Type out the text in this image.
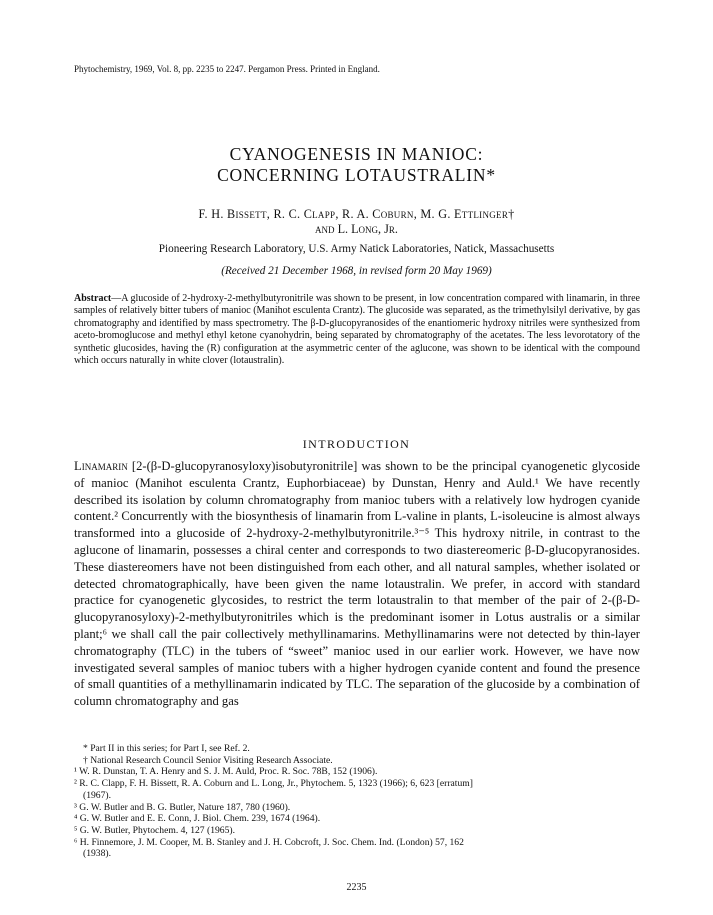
Phytochemistry, 1969, Vol. 8, pp. 2235 to 2247. Pergamon Press. Printed in England.
CYANOGENESIS IN MANIOC:
CONCERNING LOTAUSTRALIN*
F. H. Bissett, R. C. Clapp, R. A. Coburn, M. G. Ettlinger†
and L. Long, Jr.
Pioneering Research Laboratory, U.S. Army Natick Laboratories, Natick, Massachusetts
(Received 21 December 1968, in revised form 20 May 1969)
Abstract—A glucoside of 2-hydroxy-2-methylbutyronitrile was shown to be present, in low concentration compared with linamarin, in three samples of relatively bitter tubers of manioc (Manihot esculenta Crantz). The glucoside was separated, as the trimethylsilyl derivative, by gas chromatography and identified by mass spectrometry. The β-D-glucopyranosides of the enantiomeric hydroxy nitriles were synthesized from aceto-bromoglucose and methyl ethyl ketone cyanohydrin, being separated by chromatography of the acetates. The less levorotatory of the synthetic glucosides, having the (R) configuration at the asymmetric center of the aglucone, was shown to be identical with the compound which occurs naturally in white clover (lotaustralin).
INTRODUCTION

Linamarin [2-(β-D-glucopyranosyloxy)isobutyronitrile] was shown to be the principal cyanogenetic glycoside of manioc (Manihot esculenta Crantz, Euphorbiaceae) by Dunstan, Henry and Auld.¹ We have recently described its isolation by column chromatography from manioc tubers with a relatively low hydrogen cyanide content.² Concurrently with the biosynthesis of linamarin from L-valine in plants, L-isoleucine is almost always transformed into a glucoside of 2-hydroxy-2-methylbutyronitrile.³⁻⁵ This hydroxy nitrile, in contrast to the aglucone of linamarin, possesses a chiral center and corresponds to two diastereomeric β-D-glucopyranosides. These diastereomers have not been distinguished from each other, and all natural samples, whether isolated or detected chromatographically, have been given the name lotaustralin. We prefer, in accord with standard practice for cyanogenetic glycosides, to restrict the term lotaustralin to that member of the pair of 2-(β-D-glucopyranosyloxy)-2-methylbutyronitriles which is the predominant isomer in Lotus australis or a similar plant;⁶ we shall call the pair collectively methyllinamarins. Methyllinamarins were not detected by thin-layer chromatography (TLC) in the tubers of “sweet” manioc used in our earlier work. However, we have now investigated several samples of manioc tubers with a higher hydrogen cyanide content and found the presence of small quantities of a methyllinamarin indicated by TLC. The separation of the glucoside by a combination of column chromatography and gas

* Part II in this series; for Part I, see Ref. 2.
† National Research Council Senior Visiting Research Associate.
¹ W. R. Dunstan, T. A. Henry and S. J. M. Auld, Proc. R. Soc. 78B, 152 (1906).
² R. C. Clapp, F. H. Bissett, R. A. Coburn and L. Long, Jr., Phytochem. 5, 1323 (1966); 6, 623 [erratum]
(1967).
³ G. W. Butler and B. G. Butler, Nature 187, 780 (1960).
⁴ G. W. Butler and E. E. Conn, J. Biol. Chem. 239, 1674 (1964).
⁵ G. W. Butler, Phytochem. 4, 127 (1965).
⁶ H. Finnemore, J. M. Cooper, M. B. Stanley and J. H. Cobcroft, J. Soc. Chem. Ind. (London) 57, 162
(1938).
2235
